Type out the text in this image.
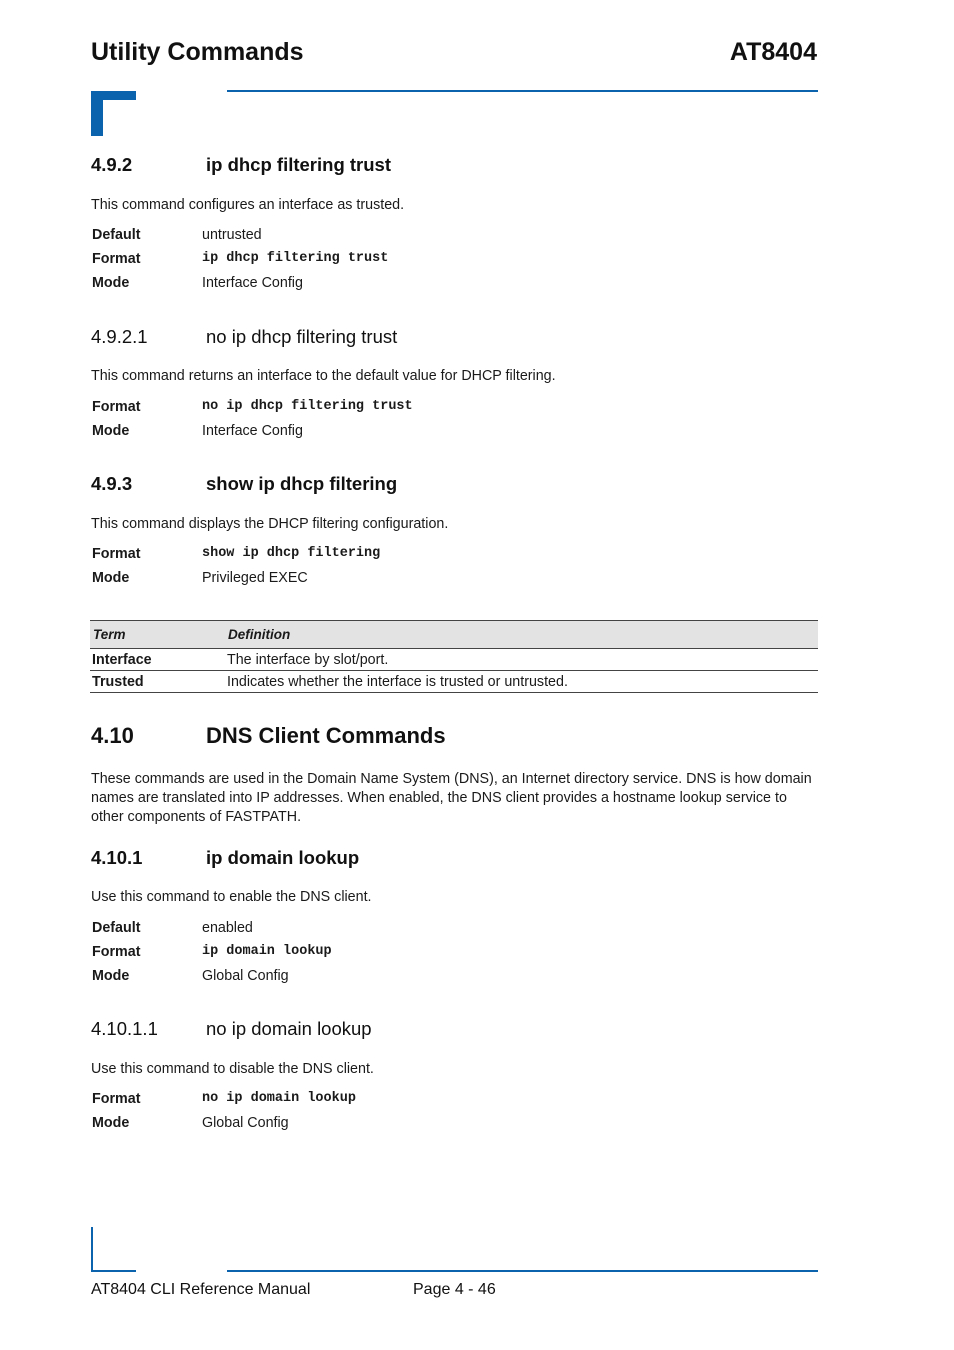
Utility Commands	AT8404
4.9.2	ip dhcp filtering trust
This command configures an interface as trusted.
Default	untrusted
Format	ip dhcp filtering trust
Mode	Interface Config
4.9.2.1	no ip dhcp filtering trust
This command returns an interface to the default value for DHCP filtering.
Format	no ip dhcp filtering trust
Mode	Interface Config
4.9.3	show ip dhcp filtering
This command displays the DHCP filtering configuration.
Format	show ip dhcp filtering
Mode	Privileged EXEC
Term	Definition
Interface	The interface by slot/port.
Trusted	Indicates whether the interface is trusted or untrusted.
4.10	DNS Client Commands
These commands are used in the Domain Name System (DNS), an Internet directory service. DNS is how domain names are translated into IP addresses. When enabled, the DNS client provides a hostname lookup service to other components of FASTPATH.
4.10.1	ip domain lookup
Use this command to enable the DNS client.
Default	enabled
Format	ip domain lookup
Mode	Global Config
4.10.1.1	no ip domain lookup
Use this command to disable the DNS client.
Format	no ip domain lookup
Mode	Global Config
AT8404 CLI Reference Manual	Page 4 - 46
